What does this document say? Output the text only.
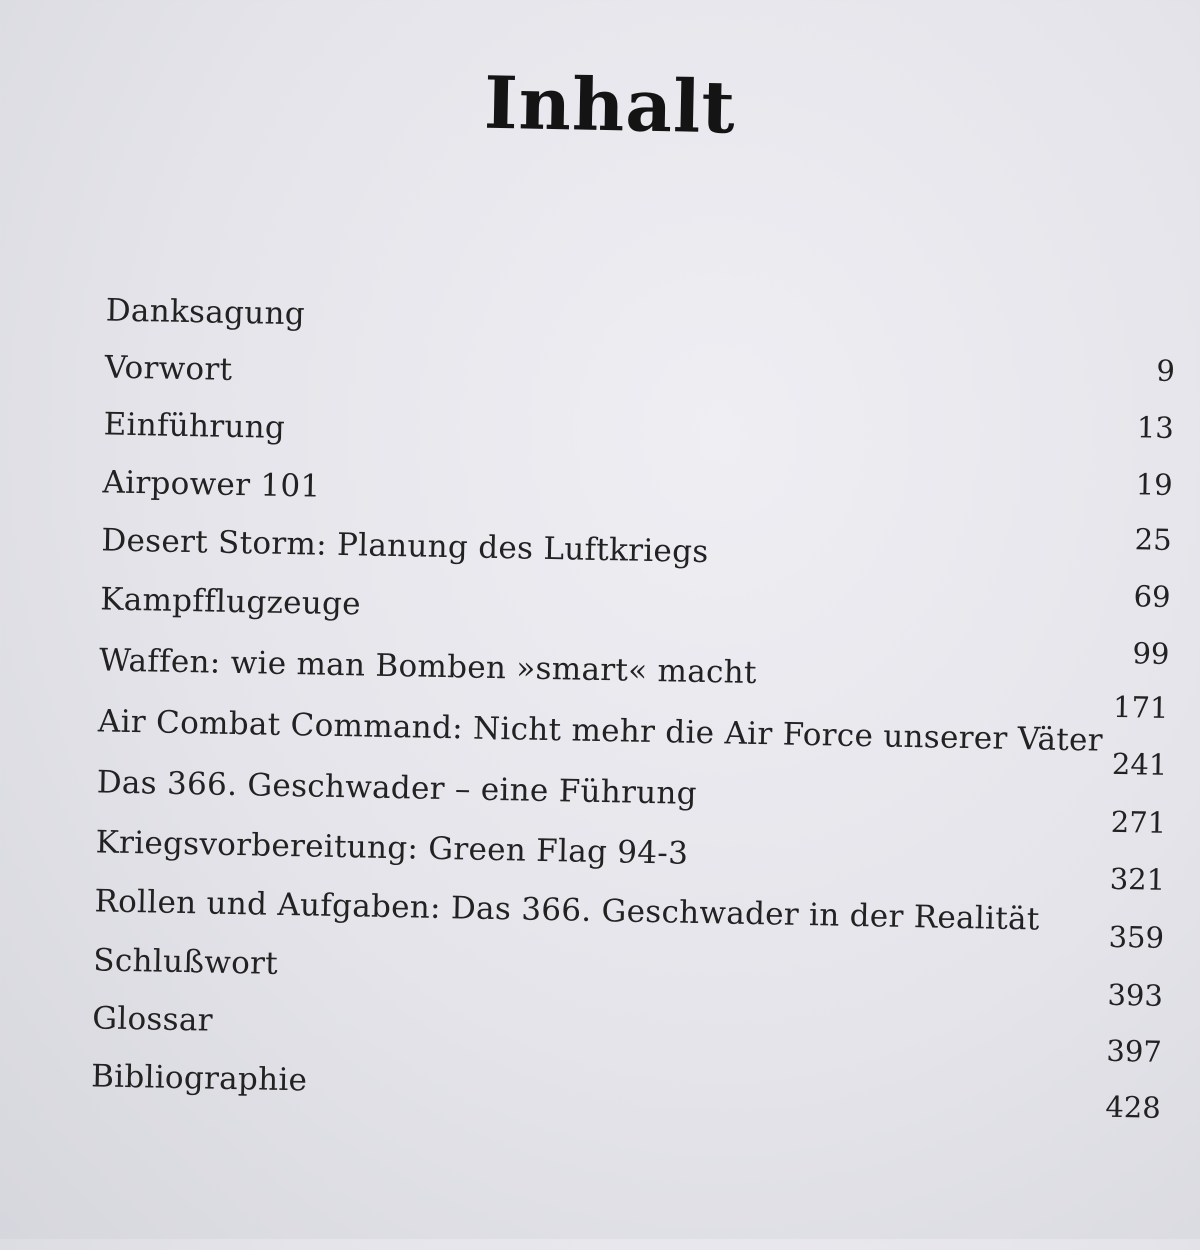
Inhalt
Danksagung
Vorwort
Einführung
Airpower 101
Desert Storm: Planung des Luftkriegs
Kampfflugzeuge
Waffen: wie man Bomben »smart« macht
Air Combat Command: Nicht mehr die Air Force unserer Väter
Das 366. Geschwader – eine Führung
Kriegsvorbereitung: Green Flag 94-3
Rollen und Aufgaben: Das 366. Geschwader in der Realität
Schlußwort
Glossar
Bibliographie
9
13
19
25
69
99
171
241
271
321
359
393
397
428
